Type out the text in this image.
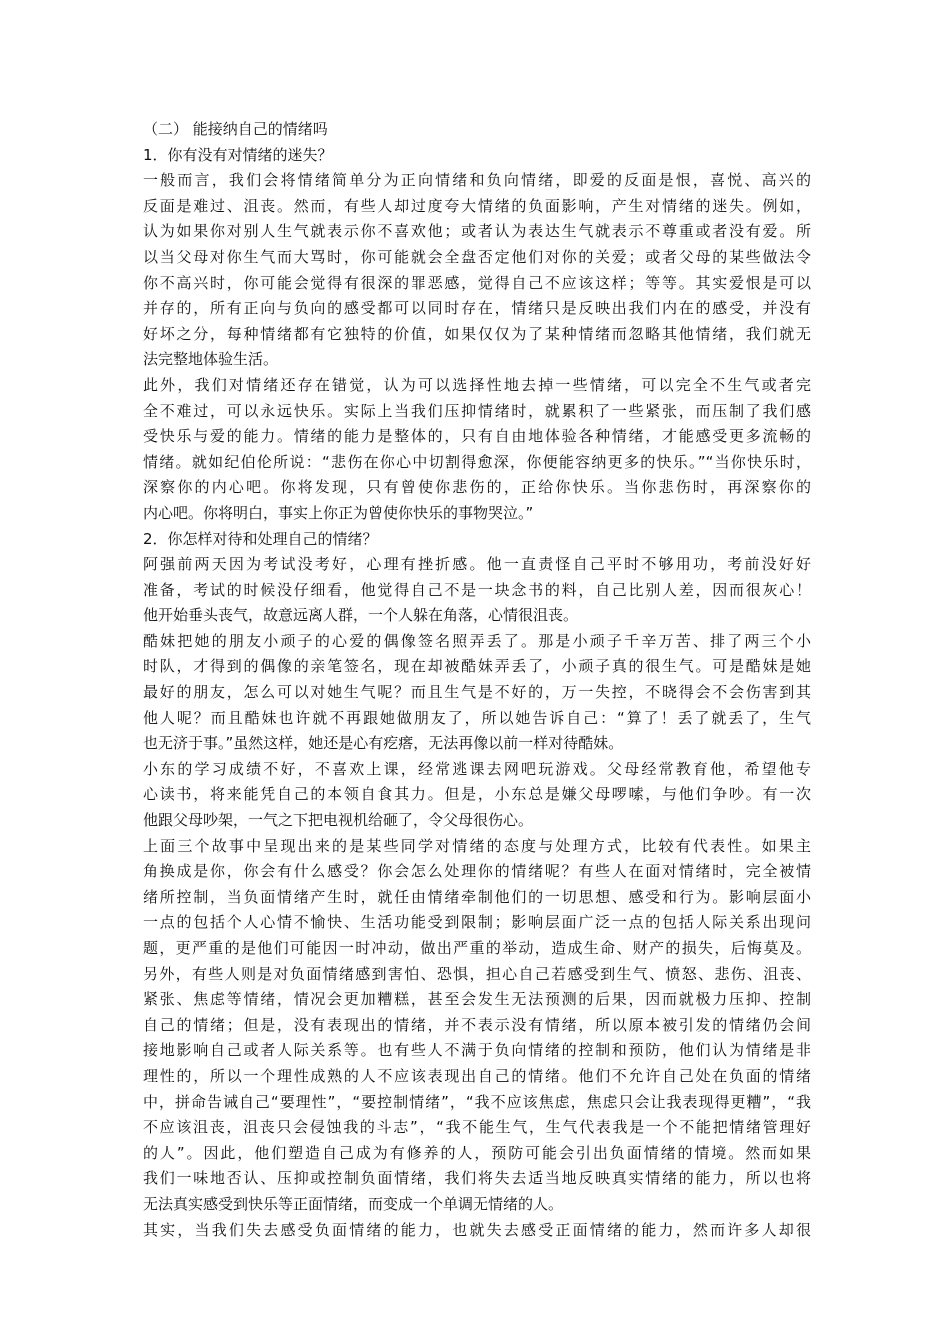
（二） 能接纳自己的情绪吗
1．你有没有对情绪的迷失？
一般而言，我们会将情绪简单分为正向情绪和负向情绪，即爱的反面是恨，喜悦、高兴的
反面是难过、沮丧。然而，有些人却过度夸大情绪的负面影响，产生对情绪的迷失。例如，
认为如果你对别人生气就表示你不喜欢他；或者认为表达生气就表示不尊重或者没有爱。所
以当父母对你生气而大骂时，你可能就会全盘否定他们对你的关爱；或者父母的某些做法令
你不高兴时，你可能会觉得有很深的罪恶感，觉得自己不应该这样；等等。其实爱恨是可以
并存的，所有正向与负向的感受都可以同时存在，情绪只是反映出我们内在的感受，并没有
好坏之分，每种情绪都有它独特的价值，如果仅仅为了某种情绪而忽略其他情绪，我们就无
法完整地体验生活。
此外，我们对情绪还存在错觉，认为可以选择性地去掉一些情绪，可以完全不生气或者完
全不难过，可以永远快乐。实际上当我们压抑情绪时，就累积了一些紧张，而压制了我们感
受快乐与爱的能力。情绪的能力是整体的，只有自由地体验各种情绪，才能感受更多流畅的
情绪。就如纪伯伦所说：“悲伤在你心中切割得愈深，你便能容纳更多的快乐。”“当你快乐时，
深察你的内心吧。你将发现，只有曾使你悲伤的，正给你快乐。当你悲伤时，再深察你的
内心吧。你将明白，事实上你正为曾使你快乐的事物哭泣。”
2．你怎样对待和处理自己的情绪？
阿强前两天因为考试没考好，心理有挫折感。他一直责怪自己平时不够用功，考前没好好
准备，考试的时候没仔细看，他觉得自己不是一块念书的料，自己比别人差，因而很灰心！
他开始垂头丧气，故意远离人群，一个人躲在角落，心情很沮丧。
酷妹把她的朋友小顽子的心爱的偶像签名照弄丢了。那是小顽子千辛万苦、排了两三个小
时队，才得到的偶像的亲笔签名，现在却被酷妹弄丢了，小顽子真的很生气。可是酷妹是她
最好的朋友，怎么可以对她生气呢？而且生气是不好的，万一失控，不晓得会不会伤害到其
他人呢？而且酷妹也许就不再跟她做朋友了，所以她告诉自己：“算了！丢了就丢了，生气
也无济于事。”虽然这样，她还是心有疙瘩，无法再像以前一样对待酷妹。
小东的学习成绩不好，不喜欢上课，经常逃课去网吧玩游戏。父母经常教育他，希望他专
心读书，将来能凭自己的本领自食其力。但是，小东总是嫌父母啰嗦，与他们争吵。有一次
他跟父母吵架，一气之下把电视机给砸了，令父母很伤心。
上面三个故事中呈现出来的是某些同学对情绪的态度与处理方式，比较有代表性。如果主
角换成是你，你会有什么感受？你会怎么处理你的情绪呢？有些人在面对情绪时，完全被情
绪所控制，当负面情绪产生时，就任由情绪牵制他们的一切思想、感受和行为。影响层面小
一点的包括个人心情不愉快、生活功能受到限制；影响层面广泛一点的包括人际关系出现问
题，更严重的是他们可能因一时冲动，做出严重的举动，造成生命、财产的损失，后悔莫及。
另外，有些人则是对负面情绪感到害怕、恐惧，担心自己若感受到生气、愤怒、悲伤、沮丧、
紧张、焦虑等情绪，情况会更加糟糕，甚至会发生无法预测的后果，因而就极力压抑、控制
自己的情绪；但是，没有表现出的情绪，并不表示没有情绪，所以原本被引发的情绪仍会间
接地影响自己或者人际关系等。也有些人不满于负向情绪的控制和预防，他们认为情绪是非
理性的，所以一个理性成熟的人不应该表现出自己的情绪。他们不允许自己处在负面的情绪
中，拼命告诫自己“要理性”，“要控制情绪”，“我不应该焦虑，焦虑只会让我表现得更糟”，“我
不应该沮丧，沮丧只会侵蚀我的斗志”，“我不能生气，生气代表我是一个不能把情绪管理好
的人”。因此，他们塑造自己成为有修养的人，预防可能会引出负面情绪的情境。然而如果
我们一味地否认、压抑或控制负面情绪，我们将失去适当地反映真实情绪的能力，所以也将
无法真实感受到快乐等正面情绪，而变成一个单调无情绪的人。
其实，当我们失去感受负面情绪的能力，也就失去感受正面情绪的能力，然而许多人却很
